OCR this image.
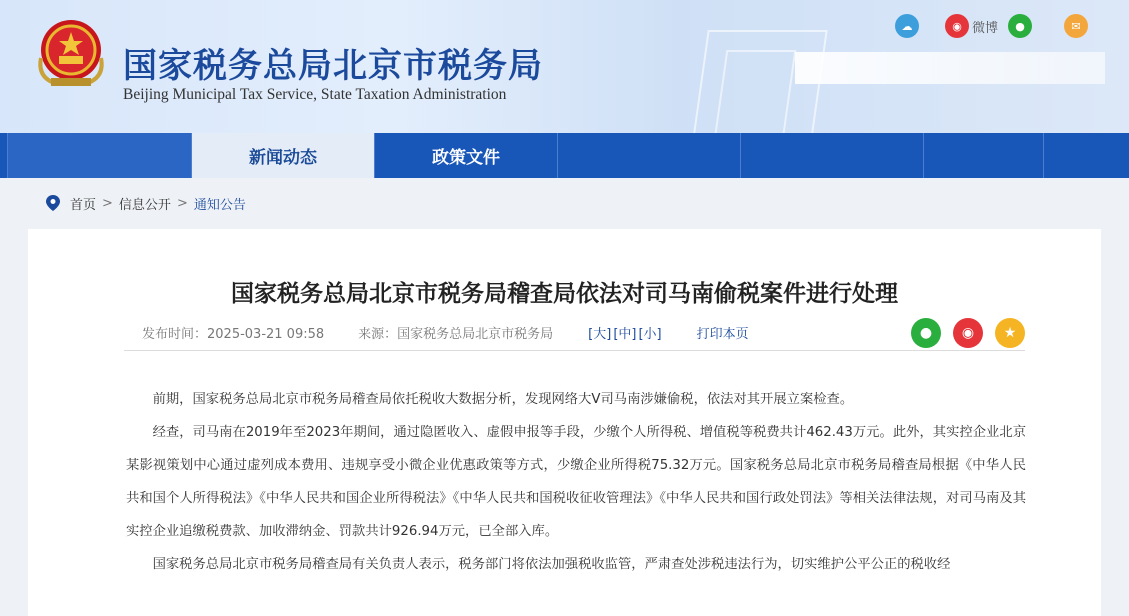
国家税务总局北京市税务局
Beijing Municipal Tax Service, State Taxation Administration
☁	◉ 微博	●	✉
新闻动态	政策文件
首页 > 信息公开 > 通知公告
国家税务总局北京市税务局稽查局依法对司马南偷税案件进行处理
发布时间：2025-03-21 09:58	来源：国家税务总局北京市税务局	[大] [中] [小]	打印本页	●	◉	★

前期，国家税务总局北京市税务局稽查局依托税收大数据分析，发现网络大V司马南涉嫌偷税，依法对其开展立案检查。

经查，司马南在2019年至2023年期间，通过隐匿收入、虚假申报等手段，少缴个人所得税、增值税等税费共计462.43万元。此外，其实控企业北京某影视策划中心通过虚列成本费用、违规享受小微企业优惠政策等方式，少缴企业所得税75.32万元。国家税务总局北京市税务局稽查局根据《中华人民共和国个人所得税法》《中华人民共和国企业所得税法》《中华人民共和国税收征收管理法》《中华人民共和国行政处罚法》等相关法律法规，对司马南及其实控企业追缴税费款、加收滞纳金、罚款共计926.94万元，已全部入库。

国家税务总局北京市税务局稽查局有关负责人表示，税务部门将依法加强税收监管，严肃查处涉税违法行为，切实维护公平公正的税收经
